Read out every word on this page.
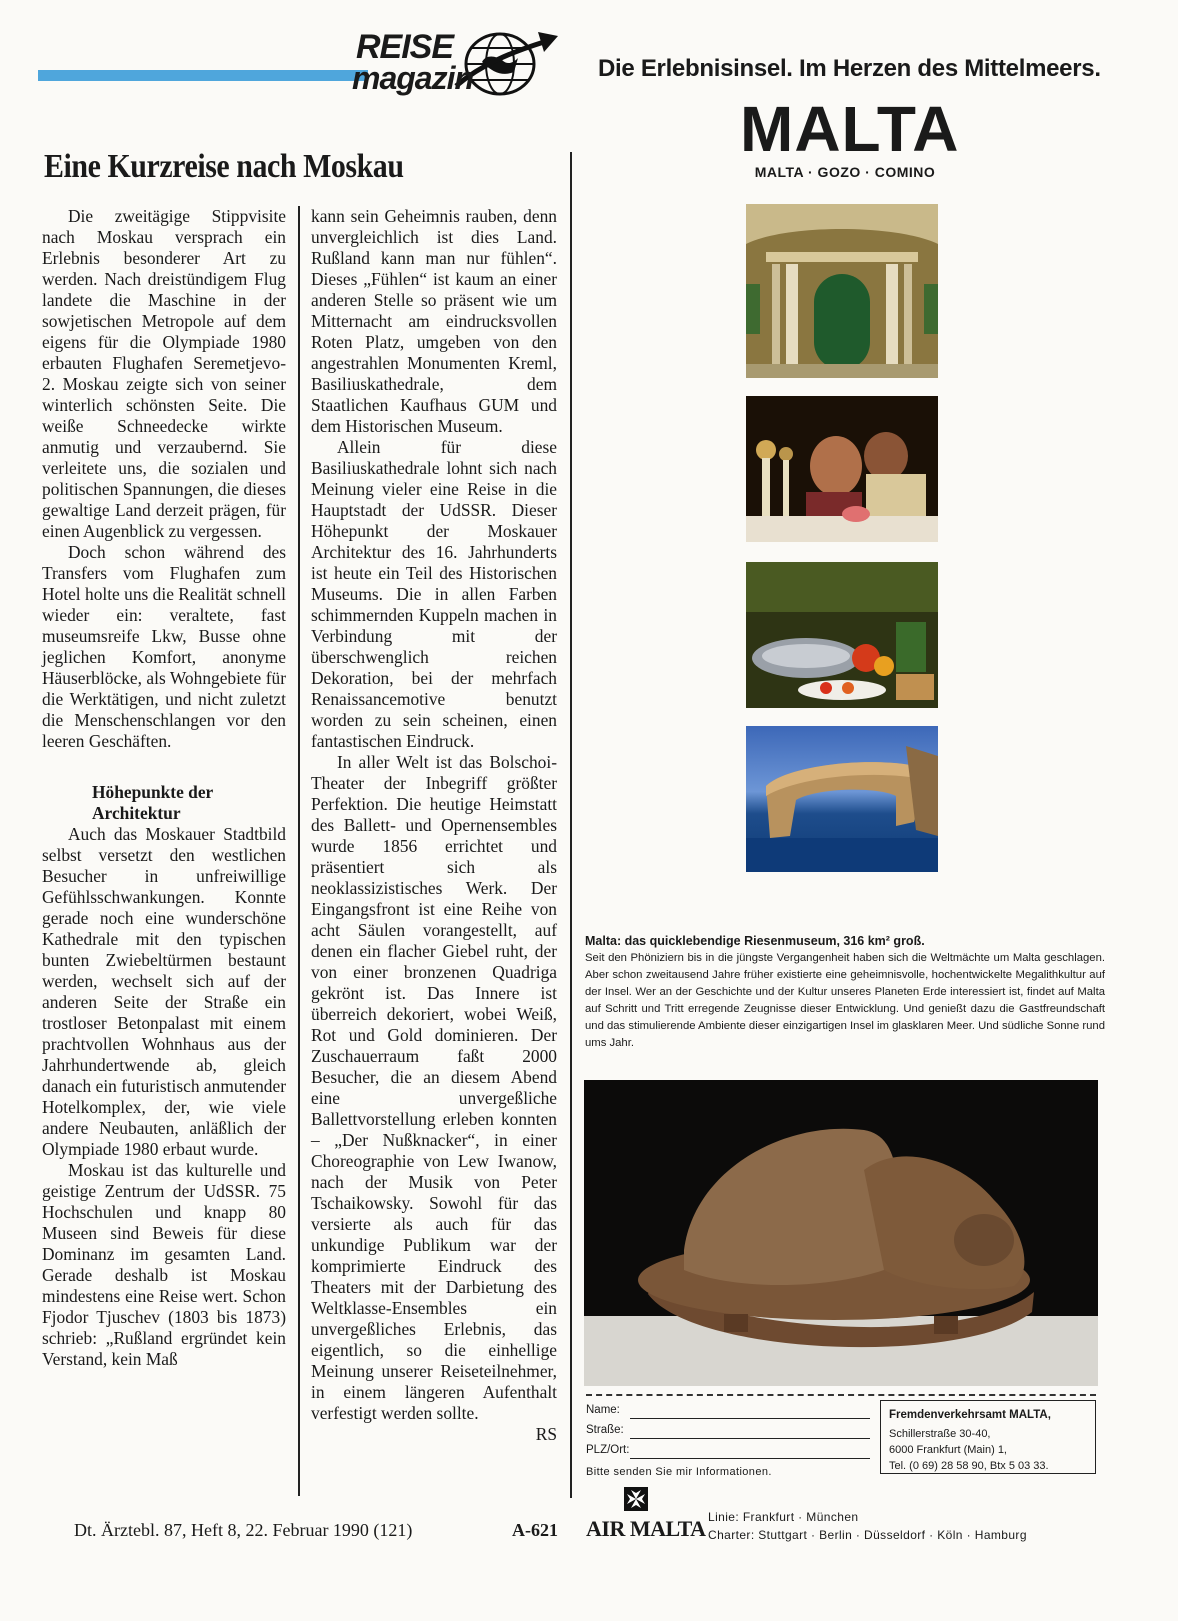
REISE
magazin
Eine Kurzreise nach Moskau

Die zweitägige Stippvisite nach Moskau versprach ein Erlebnis besonderer Art zu werden. Nach dreistündigem Flug landete die Maschine in der sowjetischen Metropole auf dem eigens für die Olympiade 1980 erbauten Flughafen Seremetjevo-2. Moskau zeigte sich von seiner winterlich schönsten Seite. Die weiße Schneedecke wirkte anmutig und verzaubernd. Sie verleitete uns, die sozialen und politischen Spannungen, die dieses gewaltige Land derzeit prägen, für einen Augenblick zu vergessen.

Doch schon während des Transfers vom Flughafen zum Hotel holte uns die Realität schnell wieder ein: veraltete, fast museumsreife Lkw, Busse ohne jeglichen Komfort, anonyme Häuserblöcke, als Wohngebiete für die Werktätigen, und nicht zuletzt die Menschenschlangen vor den leeren Geschäften.

Höhepunkte der
Architektur

Auch das Moskauer Stadtbild selbst versetzt den westlichen Besucher in unfreiwillige Gefühlsschwankungen. Konnte gerade noch eine wunderschöne Kathedrale mit den typischen bunten Zwiebeltürmen bestaunt werden, wechselt sich auf der anderen Seite der Straße ein trostloser Betonpalast mit einem prachtvollen Wohnhaus aus der Jahrhundertwende ab, gleich danach ein futuristisch anmutender Hotelkomplex, der, wie viele andere Neubauten, anläßlich der Olympiade 1980 erbaut wurde.

Moskau ist das kulturelle und geistige Zentrum der UdSSR. 75 Hochschulen und knapp 80 Museen sind Beweis für diese Dominanz im gesamten Land. Gerade deshalb ist Moskau mindestens eine Reise wert. Schon Fjodor Tjuschev (1803 bis 1873) schrieb: „Rußland ergründet kein Verstand, kein Maß

kann sein Geheimnis rauben, denn unvergleichlich ist dies Land. Rußland kann man nur fühlen“. Dieses „Fühlen“ ist kaum an einer anderen Stelle so präsent wie um Mitternacht am eindrucksvollen Roten Platz, umgeben von den angestrahlen Monumenten Kreml, Basiliuskathedrale, dem Staatlichen Kaufhaus GUM und dem Historischen Museum.

Allein für diese Basiliuskathedrale lohnt sich nach Meinung vieler eine Reise in die Hauptstadt der UdSSR. Dieser Höhepunkt der Moskauer Architektur des 16. Jahrhunderts ist heute ein Teil des Historischen Museums. Die in allen Farben schimmernden Kuppeln machen in Verbindung mit der überschwenglich reichen Dekoration, bei der mehrfach Renaissancemotive benutzt worden zu sein scheinen, einen fantastischen Eindruck.

In aller Welt ist das Bolschoi-Theater der Inbegriff größter Perfektion. Die heutige Heimstatt des Ballett- und Opernensembles wurde 1856 errichtet und präsentiert sich als neoklassizistisches Werk. Der Eingangsfront ist eine Reihe von acht Säulen vorangestellt, auf denen ein flacher Giebel ruht, der von einer bronzenen Quadriga gekrönt ist. Das Innere ist überreich dekoriert, wobei Weiß, Rot und Gold dominieren. Der Zuschauerraum faßt 2000 Besucher, die an diesem Abend eine unvergeßliche Ballettvorstellung erleben konnten – „Der Nußknacker“, in einer Choreographie von Lew Iwanow, nach der Musik von Peter Tschaikowsky. Sowohl für das versierte als auch für das unkundige Publikum war der komprimierte Eindruck des Theaters mit der Darbietung des Weltklasse-Ensembles ein unvergeßliches Erlebnis, das eigentlich, so die einhellige Meinung unserer Reiseteilnehmer, in einem längeren Aufenthalt verfestigt werden sollte.

RS
Die Erlebnisinsel. Im Herzen des Mittelmeers.
MALTA
MALTA · GOZO · COMINO
Malta: das quicklebendige Riesenmuseum, 316 km² groß.
Seit den Phöniziern bis in die jüngste Vergangenheit haben sich die Weltmächte um Malta geschlagen. Aber schon zweitausend Jahre früher existierte eine geheimnisvolle, hochentwickelte Megalithkultur auf der Insel. Wer an der Geschichte und der Kultur unseres Planeten Erde interessiert ist, findet auf Malta auf Schritt und Tritt erregende Zeugnisse dieser Entwicklung. Und genießt dazu die Gastfreundschaft und das stimulierende Ambiente dieser einzigartigen Insel im glasklaren Meer. Und südliche Sonne rund ums Jahr.
Name:
Straße:
PLZ/Ort:
Bitte senden Sie mir Informationen.
Fremdenverkehrsamt MALTA,
Schillerstraße 30-40,
6000 Frankfurt (Main) 1,
Tel. (0 69) 28 58 90, Btx 5 03 33.
Dt. Ärztebl. 87, Heft 8, 22. Februar 1990 (121)	A-621 AIR MALTA Linie: Frankfurt · München
Charter: Stuttgart · Berlin · Düsseldorf · Köln · Hamburg
